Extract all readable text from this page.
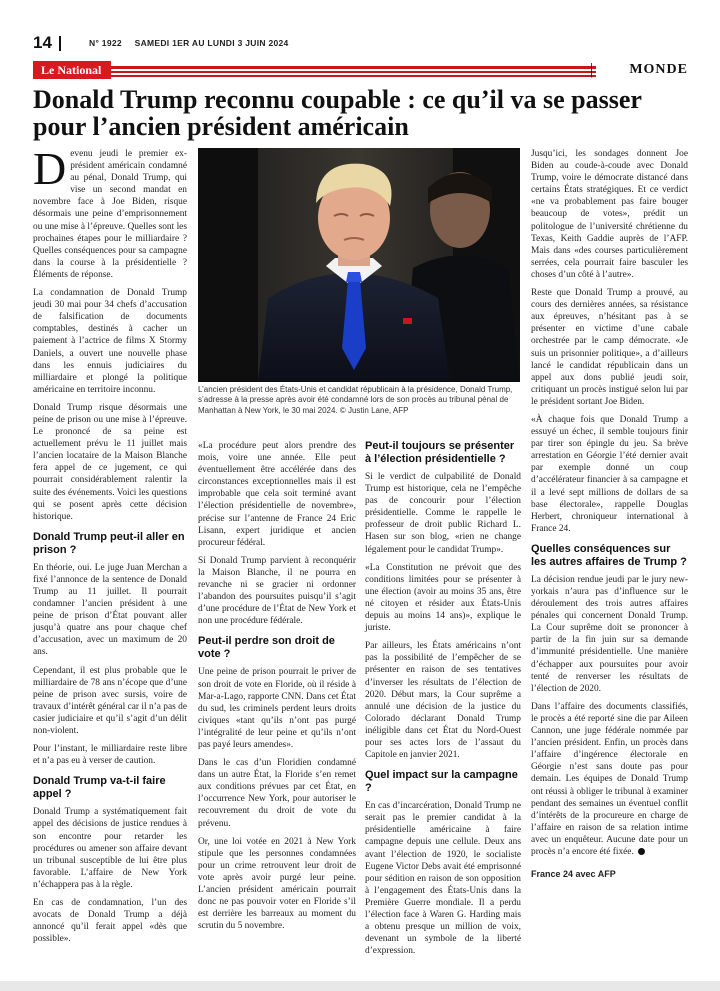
14	N° 1922 SAMEDI 1ER AU LUNDI 3 JUIN 2024
Le National	|	MONDE
Donald Trump reconnu coupable : ce qu’il va se passer pour l’ancien président américain

Devenu jeudi le premier ex-président américain condamné au pénal, Donald Trump, qui vise un second mandat en novembre face à Joe Biden, risque désormais une peine d’emprisonnement ou une mise à l’épreuve. Quelles sont les prochaines étapes pour le milliardaire ? Quelles conséquences pour sa campagne dans la course à la présidentielle ? Éléments de réponse.

La condamnation de Donald Trump jeudi 30 mai pour 34 chefs d’accusation de falsification de documents comptables, destinés à cacher un paiement à l’actrice de films X Stormy Daniels, a ouvert une nouvelle phase dans les ennuis judiciaires du milliardaire et plongé la politique américaine en territoire inconnu.

Donald Trump risque désormais une peine de prison ou une mise à l’épreuve. Le prononcé de sa peine est actuellement prévu le 11 juillet mais l’ancien locataire de la Maison Blanche fera appel de ce jugement, ce qui pourrait considérablement ralentir la suite des événements. Voici les questions qui se posent après cette décision historique.

Donald Trump peut-il aller en prison ?

En théorie, oui. Le juge Juan Merchan a fixé l’annonce de la sentence de Donald Trump au 11 juillet. Il pourrait condamner l’ancien président à une peine de prison d’État pouvant aller jusqu’à quatre ans pour chaque chef d’accusation, avec un maximum de 20 ans.

Cependant, il est plus probable que le milliardaire de 78 ans n’écope que d’une peine de prison avec sursis, voire de travaux d’intérêt général car il n’a pas de casier judiciaire et qu’il s’agit d’un délit non-violent.

Pour l’instant, le milliardaire reste libre et n’a pas eu à verser de caution.

Donald Trump va-t-il faire appel ?

Donald Trump a systématiquement fait appel des décisions de justice rendues à son encontre pour retarder les procédures ou amener son affaire devant un tribunal susceptible de lui être plus favorable. L’affaire de New York n’échappera pas à la règle.

En cas de condamnation, l’un des avocats de Donald Trump a déjà annoncé qu’il ferait appel «dès que possible».

L’ancien président des États-Unis et candidat républicain à la présidence, Donald Trump, s’adresse à la presse après avoir été condamné lors de son procès au tribunal pénal de Manhattan à New York, le 30 mai 2024. © Justin Lane, AFP

«La procédure peut alors prendre des mois, voire une année. Elle peut éventuellement être accélérée dans des circonstances exceptionnelles mais il est improbable que cela soit terminé avant l’élection présidentielle de novembre», précise sur l’antenne de France 24 Eric Lisann, expert juridique et ancien procureur fédéral.

Si Donald Trump parvient à reconquérir la Maison Blanche, il ne pourra en revanche ni se gracier ni ordonner l’abandon des poursuites puisqu’il s’agit d’une procédure de l’État de New York et non une procédure fédérale.

Peut-il perdre son droit de vote ?

Une peine de prison pourrait le priver de son droit de vote en Floride, où il réside à Mar-a-Lago, rapporte CNN. Dans cet État du sud, les criminels perdent leurs droits civiques «tant qu’ils n’ont pas purgé l’intégralité de leur peine et qu’ils n’ont pas payé leurs amendes».

Dans le cas d’un Floridien condamné dans un autre État, la Floride s’en remet aux conditions prévues par cet État, en l’occurrence New York, pour autoriser le recouvrement du droit de vote du prévenu.

Or, une loi votée en 2021 à New York stipule que les personnes condamnées pour un crime retrouvent leur droit de vote après avoir purgé leur peine. L’ancien président américain pourrait donc ne pas pouvoir voter en Floride s’il est derrière les barreaux au moment du scrutin du 5 novembre.

Peut-il toujours se présenter à l’élection présidentielle ?

Si le verdict de culpabilité de Donald Trump est historique, cela ne l’empêche pas de concourir pour l’élection présidentielle. Comme le rappelle le professeur de droit public Richard L. Hasen sur son blog, «rien ne change légalement pour le candidat Trump».

«La Constitution ne prévoit que des conditions limitées pour se présenter à une élection (avoir au moins 35 ans, être né citoyen et résider aux États-Unis depuis au moins 14 ans)», explique le juriste.

Par ailleurs, les États américains n’ont pas la possibilité de l’empêcher de se présenter en raison de ses tentatives d’inverser les résultats de l’élection de 2020. Début mars, la Cour suprême a annulé une décision de la justice du Colorado déclarant Donald Trump inéligible dans cet État du Nord-Ouest pour ses actes lors de l’assaut du Capitole en janvier 2021.

Quel impact sur la campagne ?

En cas d’incarcération, Donald Trump ne serait pas le premier candidat à la présidentielle américaine à faire campagne depuis une cellule. Deux ans avant l’élection de 1920, le socialiste Eugene Victor Debs avait été emprisonné pour sédition en raison de son opposition à l’engagement des États-Unis dans la Première Guerre mondiale. Il a perdu l’élection face à Waren G. Harding mais a obtenu presque un million de voix, devenant un symbole de la liberté d’expression.

Jusqu’ici, les sondages donnent Joe Biden au coude-à-coude avec Donald Trump, voire le démocrate distancé dans certains États stratégiques. Et ce verdict «ne va probablement pas faire bouger beaucoup de votes», prédit un politologue de l’université chrétienne du Texas, Keith Gaddie auprès de l’AFP. Mais dans «des courses particulièrement serrées, cela pourrait faire basculer les choses d’un côté à l’autre».

Reste que Donald Trump a prouvé, au cours des dernières années, sa résistance aux épreuves, n’hésitant pas à se présenter en victime d’une cabale orchestrée par le camp démocrate. «Je suis un prisonnier politique», a d’ailleurs lancé le candidat républicain dans un appel aux dons publié jeudi soir, critiquant un procès instigué selon lui par le président sortant Joe Biden.

«À chaque fois que Donald Trump a essuyé un échec, il semble toujours finir par tirer son épingle du jeu. Sa brève arrestation en Géorgie l’été dernier avait par exemple donné un coup d’accélérateur financier à sa campagne et il a levé sept millions de dollars de sa base électorale», rappelle Douglas Herbert, chroniqueur international à France 24.

Quelles conséquences sur les autres affaires de Trump ?

La décision rendue jeudi par le jury new-yorkais n’aura pas d’influence sur le déroulement des trois autres affaires pénales qui concernent Donald Trump. La Cour suprême doit se prononcer à partir de la fin juin sur sa demande d’immunité présidentielle. Une manière d’échapper aux poursuites pour avoir tenté de renverser les résultats de l’élection de 2020.

Dans l’affaire des documents classifiés, le procès a été reporté sine die par Aileen Cannon, une juge fédérale nommée par l’ancien président. Enfin, un procès dans l’affaire d’ingérence électorale en Géorgie n’est sans doute pas pour demain. Les équipes de Donald Trump ont réussi à obliger le tribunal à examiner pendant des semaines un éventuel conflit d’intérêts de la procureure en charge de l’affaire en raison de sa relation intime avec un enquêteur. Aucune date pour un procès n’a encore été fixée.

France 24 avec AFP
